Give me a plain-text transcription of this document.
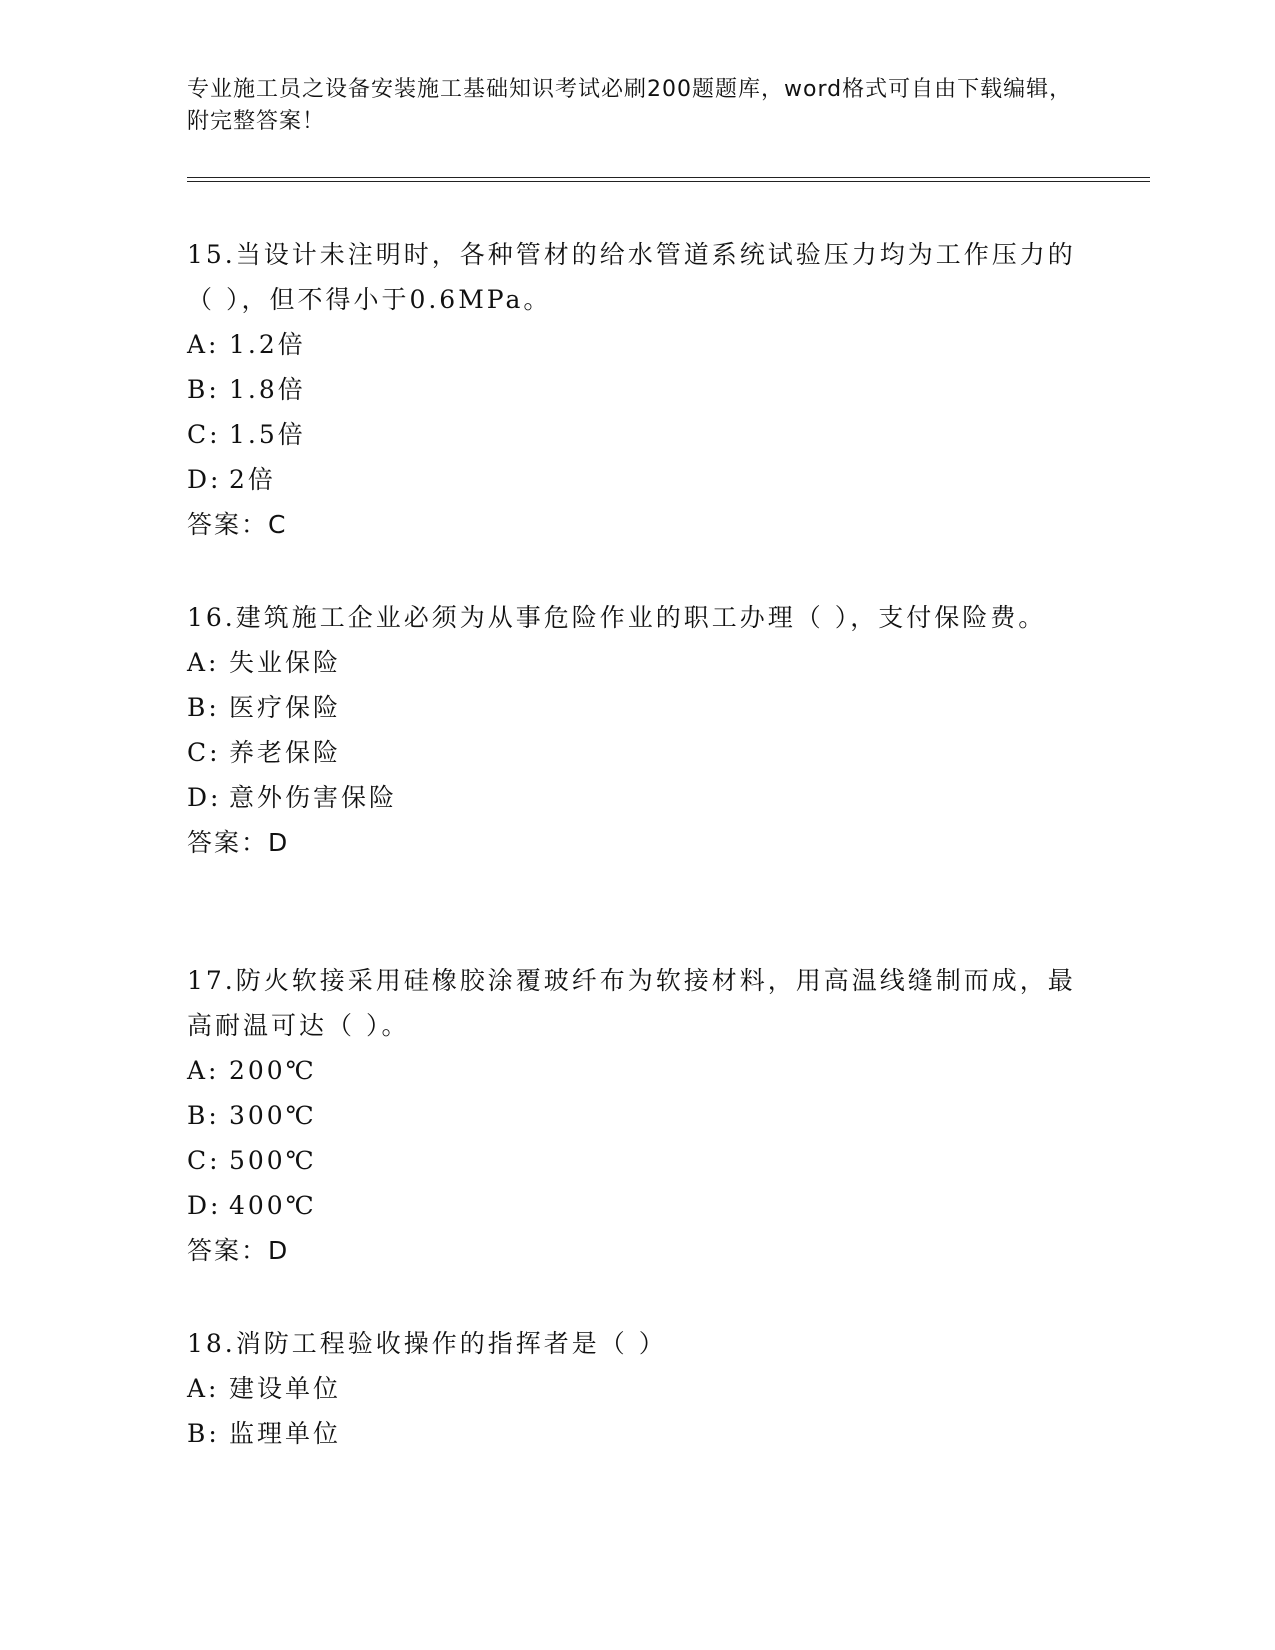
专业施工员之设备安装施工基础知识考试必刷200题题库，word格式可自由下载编辑，附完整答案！

15.当设计未注明时，各种管材的给水管道系统试验压力均为工作压力的（ ），但不得小于0.6MPa。

A: 1.2倍
B: 1.8倍
C: 1.5倍
D: 2倍
答案：C

16.建筑施工企业必须为从事危险作业的职工办理（ ），支付保险费。

A: 失业保险
B: 医疗保险
C: 养老保险
D: 意外伤害保险
答案：D

17.防火软接采用硅橡胶涂覆玻纤布为软接材料，用高温线缝制而成，最高耐温可达（ ）。

A: 200℃
B: 300℃
C: 500℃
D: 400℃
答案：D

18.消防工程验收操作的指挥者是（ ）

A: 建设单位
B: 监理单位
